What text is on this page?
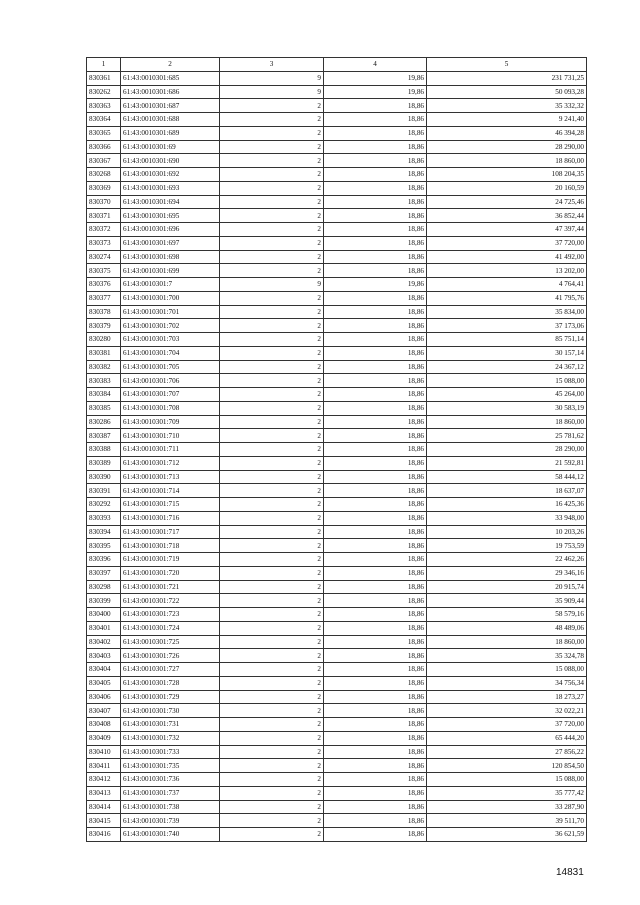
1	2	3	4	5
830361	61:43:0010301:685	9	19,86	231 731,25
830262	61:43:0010301:686	9	19,86	50 093,28
830363	61:43:0010301:687	2	18,86	35 332,32
830364	61:43:0010301:688	2	18,86	9 241,40
830365	61:43:0010301:689	2	18,86	46 394,28
830366	61:43:0010301:69	2	18,86	28 290,00
830367	61:43:0010301:690	2	18,86	18 860,00
830268	61:43:0010301:692	2	18,86	108 204,35
830369	61:43:0010301:693	2	18,86	20 160,59
830370	61:43:0010301:694	2	18,86	24 725,46
830371	61:43:0010301:695	2	18,86	36 852,44
830372	61:43:0010301:696	2	18,86	47 397,44
830373	61:43:0010301:697	2	18,86	37 720,00
830274	61:43:0010301:698	2	18,86	41 492,00
830375	61:43:0010301:699	2	18,86	13 202,00
830376	61:43:0010301:7	9	19,86	4 764,41
830377	61:43:0010301:700	2	18,86	41 795,76
830378	61:43:0010301:701	2	18,86	35 834,00
830379	61:43:0010301:702	2	18,86	37 173,06
830280	61:43:0010301:703	2	18,86	85 751,14
830381	61:43:0010301:704	2	18,86	30 157,14
830382	61:43:0010301:705	2	18,86	24 367,12
830383	61:43:0010301:706	2	18,86	15 088,00
830384	61:43:0010301:707	2	18,86	45 264,00
830385	61:43:0010301:708	2	18,86	30 583,19
830286	61:43:0010301:709	2	18,86	18 860,00
830387	61:43:0010301:710	2	18,86	25 781,62
830388	61:43:0010301:711	2	18,86	28 290,00
830389	61:43:0010301:712	2	18,86	21 592,81
830390	61:43:0010301:713	2	18,86	58 444,12
830391	61:43:0010301:714	2	18,86	18 637,07
830292	61:43:0010301:715	2	18,86	16 425,36
830393	61:43:0010301:716	2	18,86	33 948,00
830394	61:43:0010301:717	2	18,86	10 203,26
830395	61:43:0010301:718	2	18,86	19 753,59
830396	61:43:0010301:719	2	18,86	22 462,26
830397	61:43:0010301:720	2	18,86	29 346,16
830298	61:43:0010301:721	2	18,86	20 915,74
830399	61:43:0010301:722	2	18,86	35 909,44
830400	61:43:0010301:723	2	18,86	58 579,16
830401	61:43:0010301:724	2	18,86	48 489,06
830402	61:43:0010301:725	2	18,86	18 860,00
830403	61:43:0010301:726	2	18,86	35 324,78
830404	61:43:0010301:727	2	18,86	15 088,00
830405	61:43:0010301:728	2	18,86	34 756,34
830406	61:43:0010301:729	2	18,86	18 273,27
830407	61:43:0010301:730	2	18,86	32 022,21
830408	61:43:0010301:731	2	18,86	37 720,00
830409	61:43:0010301:732	2	18,86	65 444,20
830410	61:43:0010301:733	2	18,86	27 856,22
830411	61:43:0010301:735	2	18,86	120 854,50
830412	61:43:0010301:736	2	18,86	15 088,00
830413	61:43:0010301:737	2	18,86	35 777,42
830414	61:43:0010301:738	2	18,86	33 287,90
830415	61:43:0010301:739	2	18,86	39 511,70
830416	61:43:0010301:740	2	18,86	36 621,59
14831
